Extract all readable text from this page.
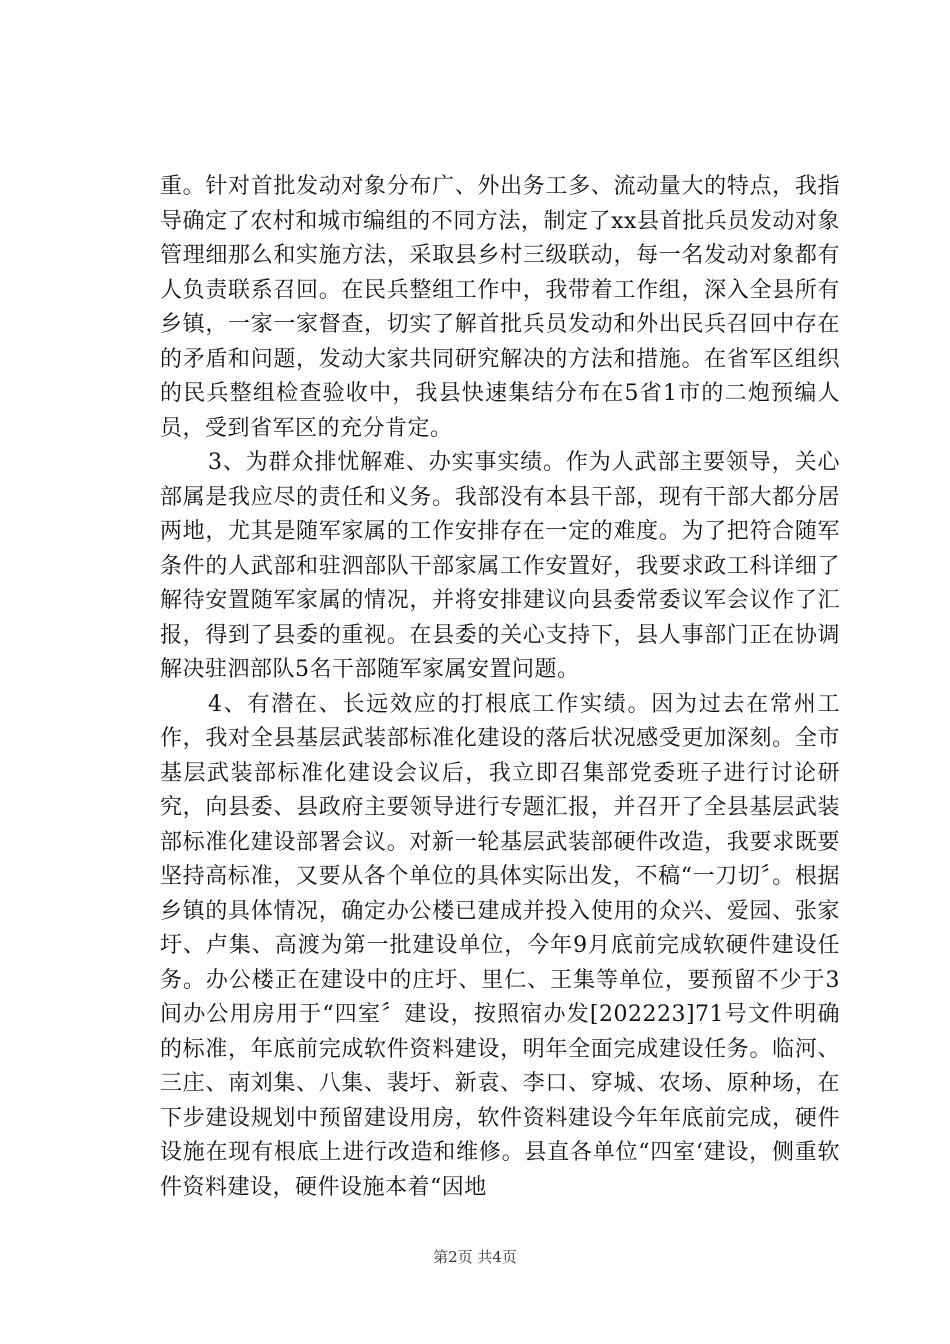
重。针对首批发动对象分布广、外出务工多、流动量大的特点，我指导确定了农村和城市编组的不同方法，制定了xx县首批兵员发动对象管理细那么和实施方法，采取县乡村三级联动，每一名发动对象都有人负责联系召回。在民兵整组工作中，我带着工作组，深入全县所有乡镇，一家一家督查，切实了解首批兵员发动和外出民兵召回中存在的矛盾和问题，发动大家共同研究解决的方法和措施。在省军区组织的民兵整组检查验收中，我县快速集结分布在5省1市的二炮预编人员，受到省军区的充分肯定。

3、为群众排忧解难、办实事实绩。作为人武部主要领导，关心部属是我应尽的责任和义务。我部没有本县干部，现有干部大都分居两地，尤其是随军家属的工作安排存在一定的难度。为了把符合随军条件的人武部和驻泗部队干部家属工作安置好，我要求政工科详细了解待安置随军家属的情况，并将安排建议向县委常委议军会议作了汇报，得到了县委的重视。在县委的关心支持下，县人事部门正在协调解决驻泗部队5名干部随军家属安置问题。

4、有潜在、长远效应的打根底工作实绩。因为过去在常州工作，我对全县基层武装部标准化建设的落后状况感受更加深刻。全市基层武装部标准化建设会议后，我立即召集部党委班子进行讨论研究，向县委、县政府主要领导进行专题汇报，并召开了全县基层武装部标准化建设部署会议。对新一轮基层武装部硬件改造，我要求既要坚持高标准，又要从各个单位的具体实际出发，不稿“一刀切〞。根据乡镇的具体情况，确定办公楼已建成并投入使用的众兴、爱园、张家圩、卢集、高渡为第一批建设单位，今年9月底前完成软硬件建设任务。办公楼正在建设中的庄圩、里仁、王集等单位，要预留不少于3间办公用房用于“四室〞建设，按照宿办发[202223]71号文件明确的标准，年底前完成软件资料建设，明年全面完成建设任务。临河、三庄、南刘集、八集、裴圩、新袁、李口、穿城、农场、原种场，在下步建设规划中预留建设用房，软件资料建设今年年底前完成，硬件设施在现有根底上进行改造和维修。县直各单位“四室‘建设，侧重软件资料建设，硬件设施本着“因地

第2页 共4页
